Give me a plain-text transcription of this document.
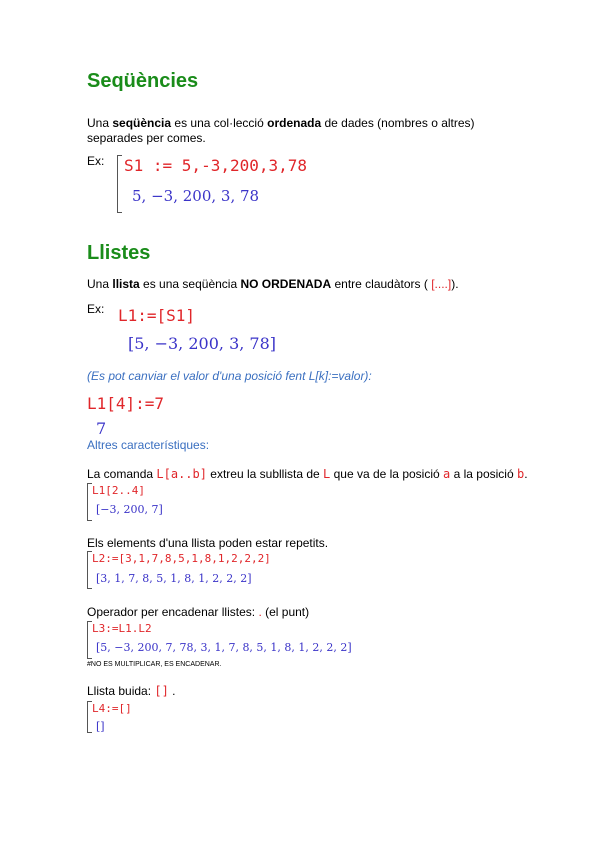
Seqüències
Una seqüència es una col·lecció ordenada de dades (nombres o altres)
separades per comes.
Ex: S1 := 5,-3,200,3,78
5, −3, 200, 3, 78
Llistes
Una llista es una seqüència NO ORDENADA entre claudàtors ( [....]).
Ex: L1:=[S1]
[5, −3, 200, 3, 78]
(Es pot canviar el valor d'una posició fent L[k]:=valor):
L1[4]:=7
7
Altres característiques:
La comanda L[a..b] extreu la subllista de L que va de la posició a a la posició b.
L1[2..4]
[−3, 200, 7]
Els elements d'una llista poden estar repetits.
L2:=[3,1,7,8,5,1,8,1,2,2,2]
[3, 1, 7, 8, 5, 1, 8, 1, 2, 2, 2]
Operador per encadenar llistes: . (el punt)
L3:=L1.L2
[5, −3, 200, 7, 78, 3, 1, 7, 8, 5, 1, 8, 1, 2, 2, 2]
#NO ES MULTIPLICAR, ES ENCADENAR.
Llista buida: [] .
L4:=[]
[]
